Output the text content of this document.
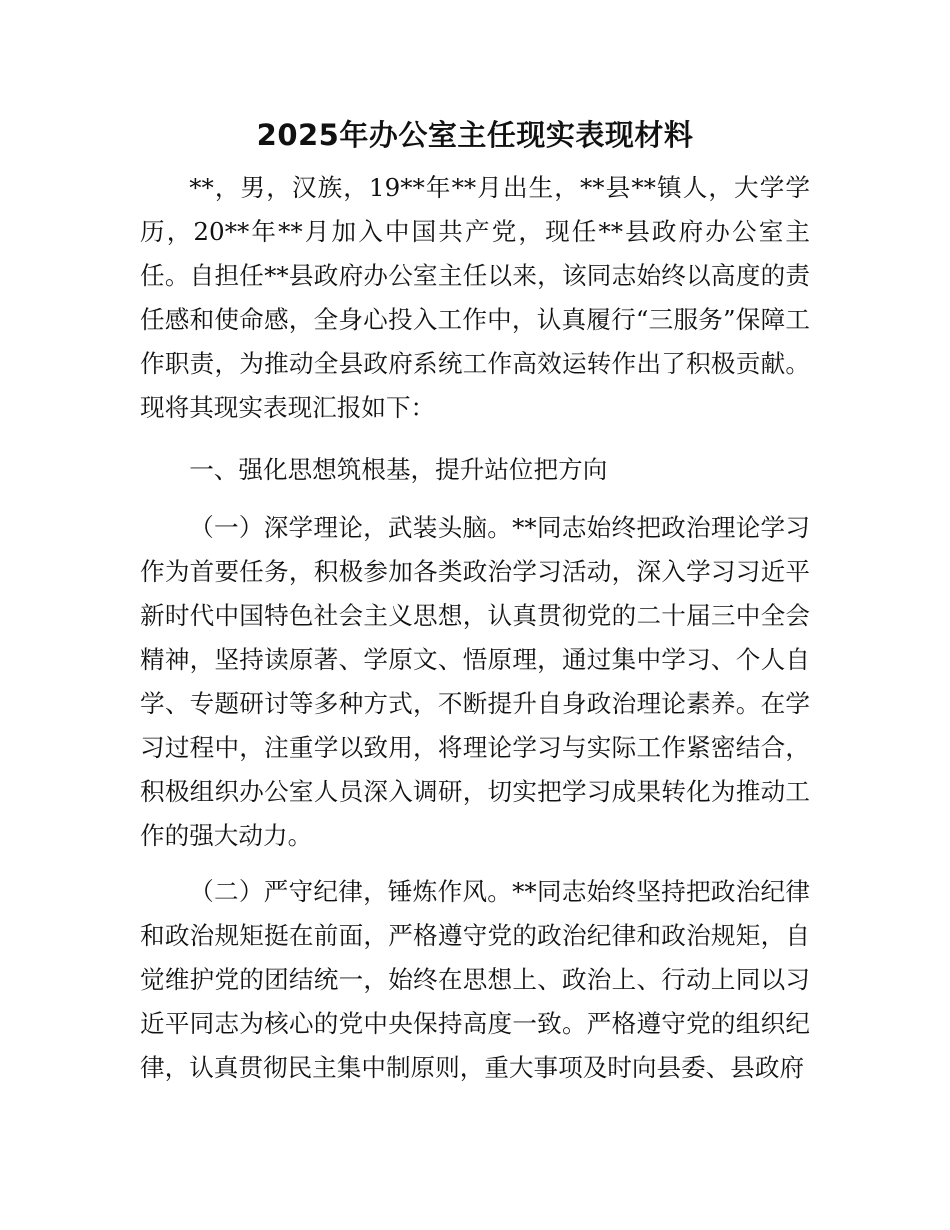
2025年办公室主任现实表现材料

**，男，汉族，19**年**月出生，**县**镇人，大学学历，20**年**月加入中国共产党，现任**县政府办公室主任。自担任**县政府办公室主任以来，该同志始终以高度的责任感和使命感，全身心投入工作中，认真履行“三服务”保障工作职责，为推动全县政府系统工作高效运转作出了积极贡献。现将其现实表现汇报如下：

一、强化思想筑根基，提升站位把方向

（一）深学理论，武装头脑。**同志始终把政治理论学习作为首要任务，积极参加各类政治学习活动，深入学习习近平新时代中国特色社会主义思想，认真贯彻党的二十届三中全会精神，坚持读原著、学原文、悟原理，通过集中学习、个人自学、专题研讨等多种方式，不断提升自身政治理论素养。在学习过程中，注重学以致用，将理论学习与实际工作紧密结合，积极组织办公室人员深入调研，切实把学习成果转化为推动工作的强大动力。

（二）严守纪律，锤炼作风。**同志始终坚持把政治纪律和政治规矩挺在前面，严格遵守党的政治纪律和政治规矩，自觉维护党的团结统一，始终在思想上、政治上、行动上同以习近平同志为核心的党中央保持高度一致。严格遵守党的组织纪律，认真贯彻民主集中制原则，重大事项及时向县委、县政府
